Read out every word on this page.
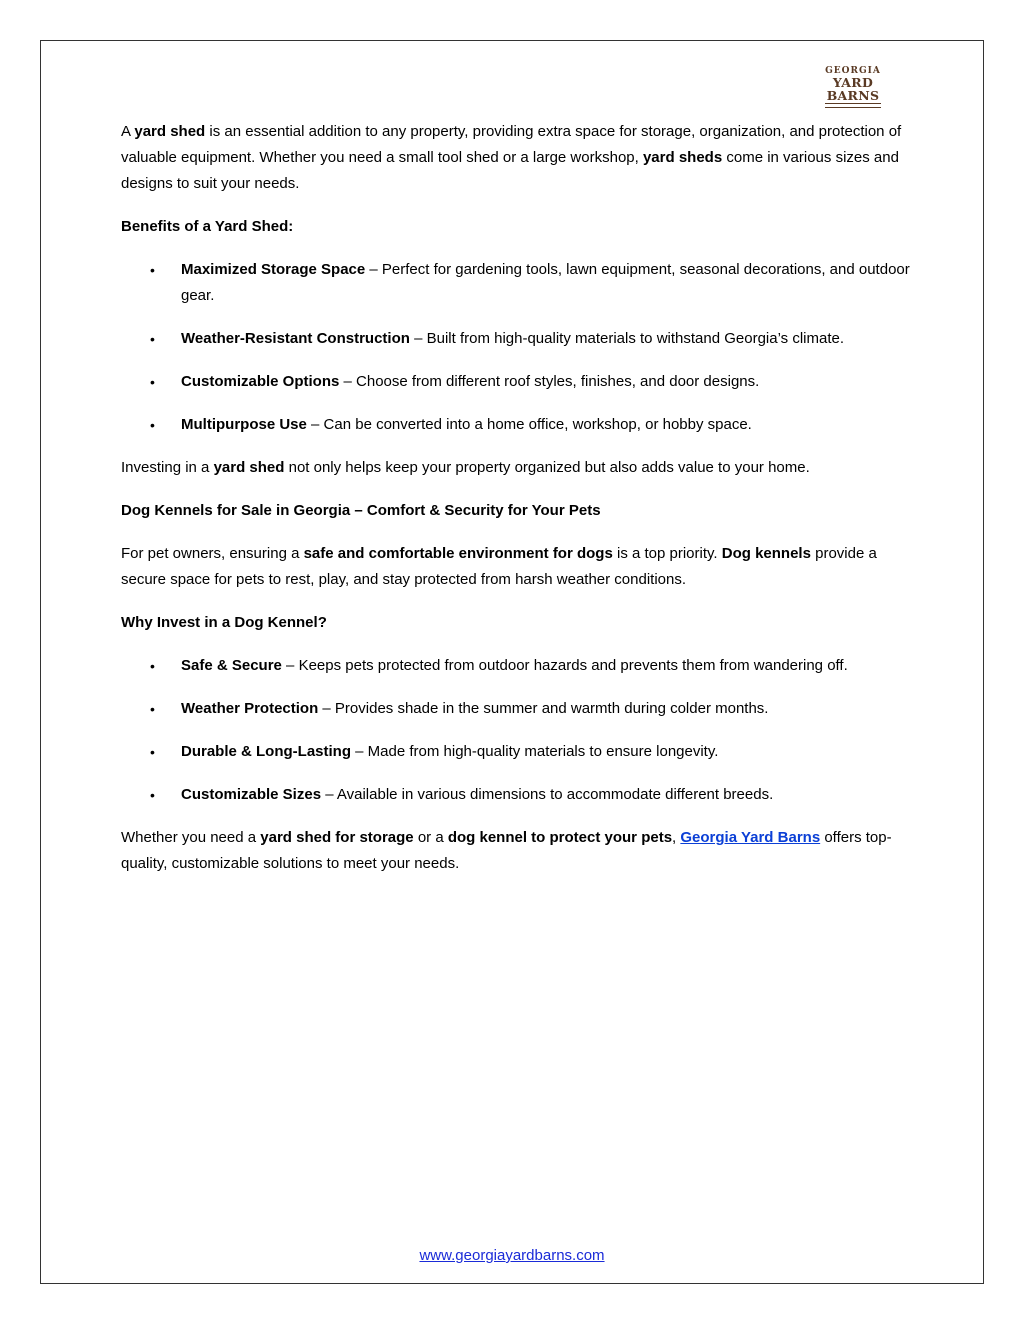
GEORGIA
YARD BARNS

A yard shed is an essential addition to any property, providing extra space for storage, organization, and protection of valuable equipment. Whether you need a small tool shed or a large workshop, yard sheds come in various sizes and designs to suit your needs.

Benefits of a Yard Shed:
• Maximized Storage Space – Perfect for gardening tools, lawn equipment, seasonal decorations, and outdoor gear.
• Weather-Resistant Construction – Built from high-quality materials to withstand Georgia’s climate.
• Customizable Options – Choose from different roof styles, finishes, and door designs.
• Multipurpose Use – Can be converted into a home office, workshop, or hobby space.

Investing in a yard shed not only helps keep your property organized but also adds value to your home.

Dog Kennels for Sale in Georgia – Comfort & Security for Your Pets

For pet owners, ensuring a safe and comfortable environment for dogs is a top priority. Dog kennels provide a secure space for pets to rest, play, and stay protected from harsh weather conditions.

Why Invest in a Dog Kennel?
• Safe & Secure – Keeps pets protected from outdoor hazards and prevents them from wandering off.
• Weather Protection – Provides shade in the summer and warmth during colder months.
• Durable & Long-Lasting – Made from high-quality materials to ensure longevity.
• Customizable Sizes – Available in various dimensions to accommodate different breeds.

Whether you need a yard shed for storage or a dog kennel to protect your pets, Georgia Yard Barns offers top-quality, customizable solutions to meet your needs.

www.georgiayardbarns.com
